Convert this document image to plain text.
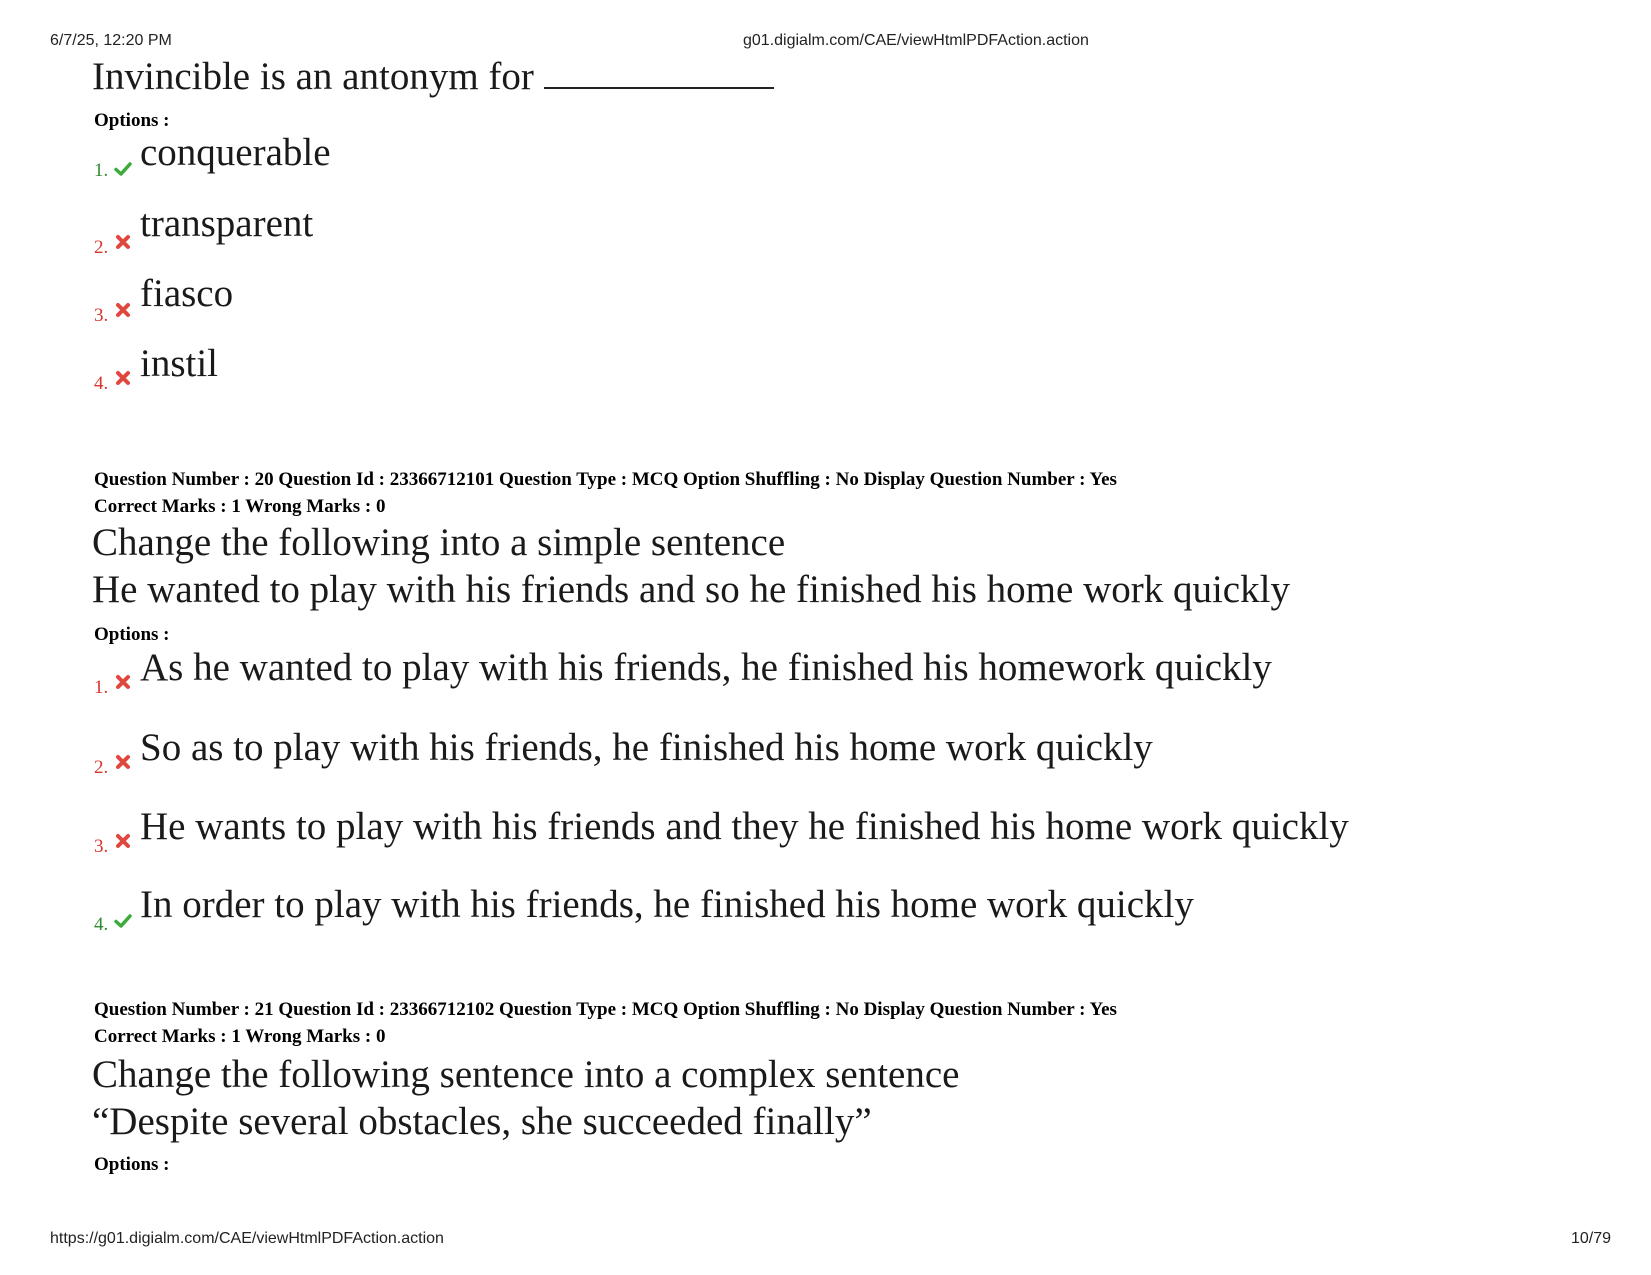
6/7/25, 12:20 PM	g01.digialm.com/CAE/viewHtmlPDFAction.action
Invincible is an antonym for
Options :
1. conquerable
2.
transparent
3.
fiasco
4. instil
Question Number : 20 Question Id : 23366712101 Question Type : MCQ Option Shuffling : No Display Question Number : Yes
Correct Marks : 1 Wrong Marks : 0
Change the following into a simple sentence
He wanted to play with his friends and so he finished his home work quickly
Options :
1. As he wanted to play with his friends, he finished his homework quickly
2. So as to play with his friends, he finished his home work quickly
3. He wants to play with his friends and they he finished his home work quickly
4. In order to play with his friends, he finished his home work quickly
Question Number : 21 Question Id : 23366712102 Question Type : MCQ Option Shuffling : No Display Question Number : Yes
Correct Marks : 1 Wrong Marks : 0
Change the following sentence into a complex sentence
“Despite several obstacles, she succeeded finally”
Options :
https://g01.digialm.com/CAE/viewHtmlPDFAction.action	10/79
